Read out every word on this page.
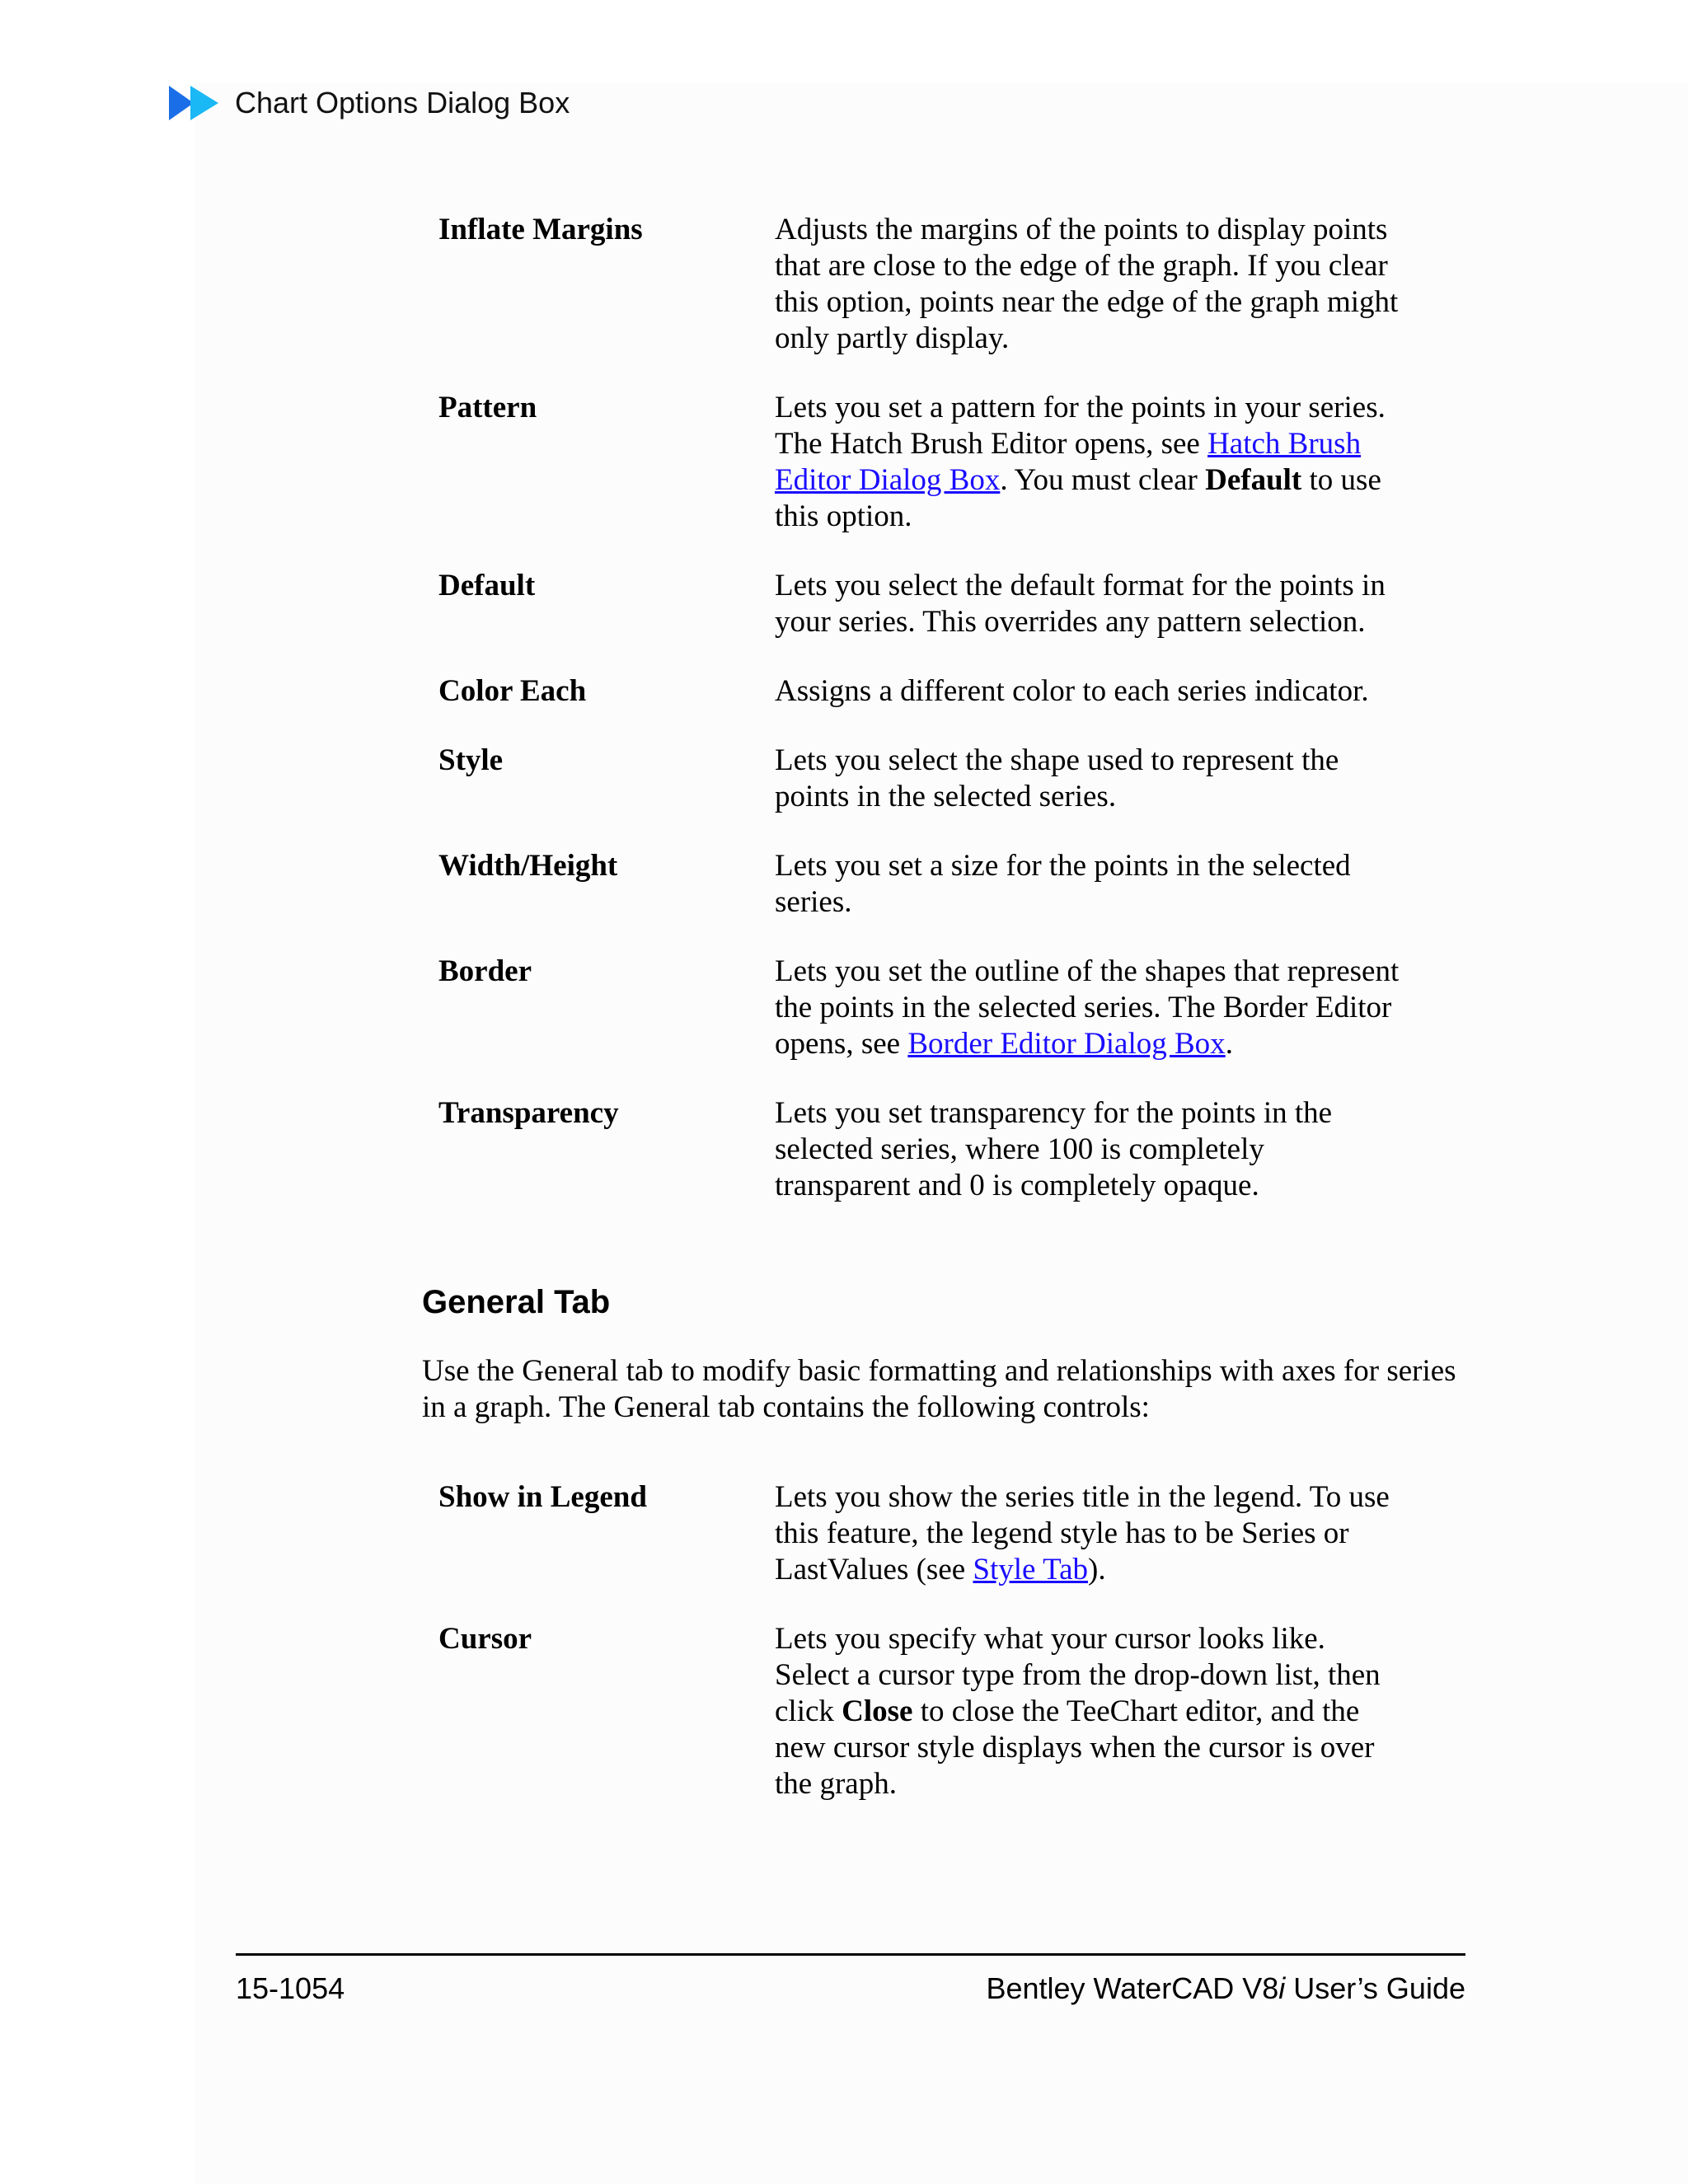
Chart Options Dialog Box
Inflate Margins	Adjusts the margins of the points to display points that are close to the edge of the graph. If you clear this option, points near the edge of the graph might only partly display.
Pattern	Lets you set a pattern for the points in your series. The Hatch Brush Editor opens, see Hatch Brush Editor Dialog Box. You must clear Default to use this option.
Default	Lets you select the default format for the points in your series. This overrides any pattern selection.
Color Each	Assigns a different color to each series indicator.
Style	Lets you select the shape used to represent the points in the selected series.
Width/Height	Lets you set a size for the points in the selected series.
Border	Lets you set the outline of the shapes that represent the points in the selected series. The Border Editor opens, see Border Editor Dialog Box.
Transparency	Lets you set transparency for the points in the selected series, where 100 is completely transparent and 0 is completely opaque.
General Tab
Use the General tab to modify basic formatting and relationships with axes for series in a graph. The General tab contains the following controls:
Show in Legend	Lets you show the series title in the legend. To use this feature, the legend style has to be Series or LastValues (see Style Tab).
Cursor	Lets you specify what your cursor looks like. Select a cursor type from the drop-down list, then click Close to close the TeeChart editor, and the new cursor style displays when the cursor is over the graph.
15-1054	Bentley WaterCAD V8i User’s Guide
